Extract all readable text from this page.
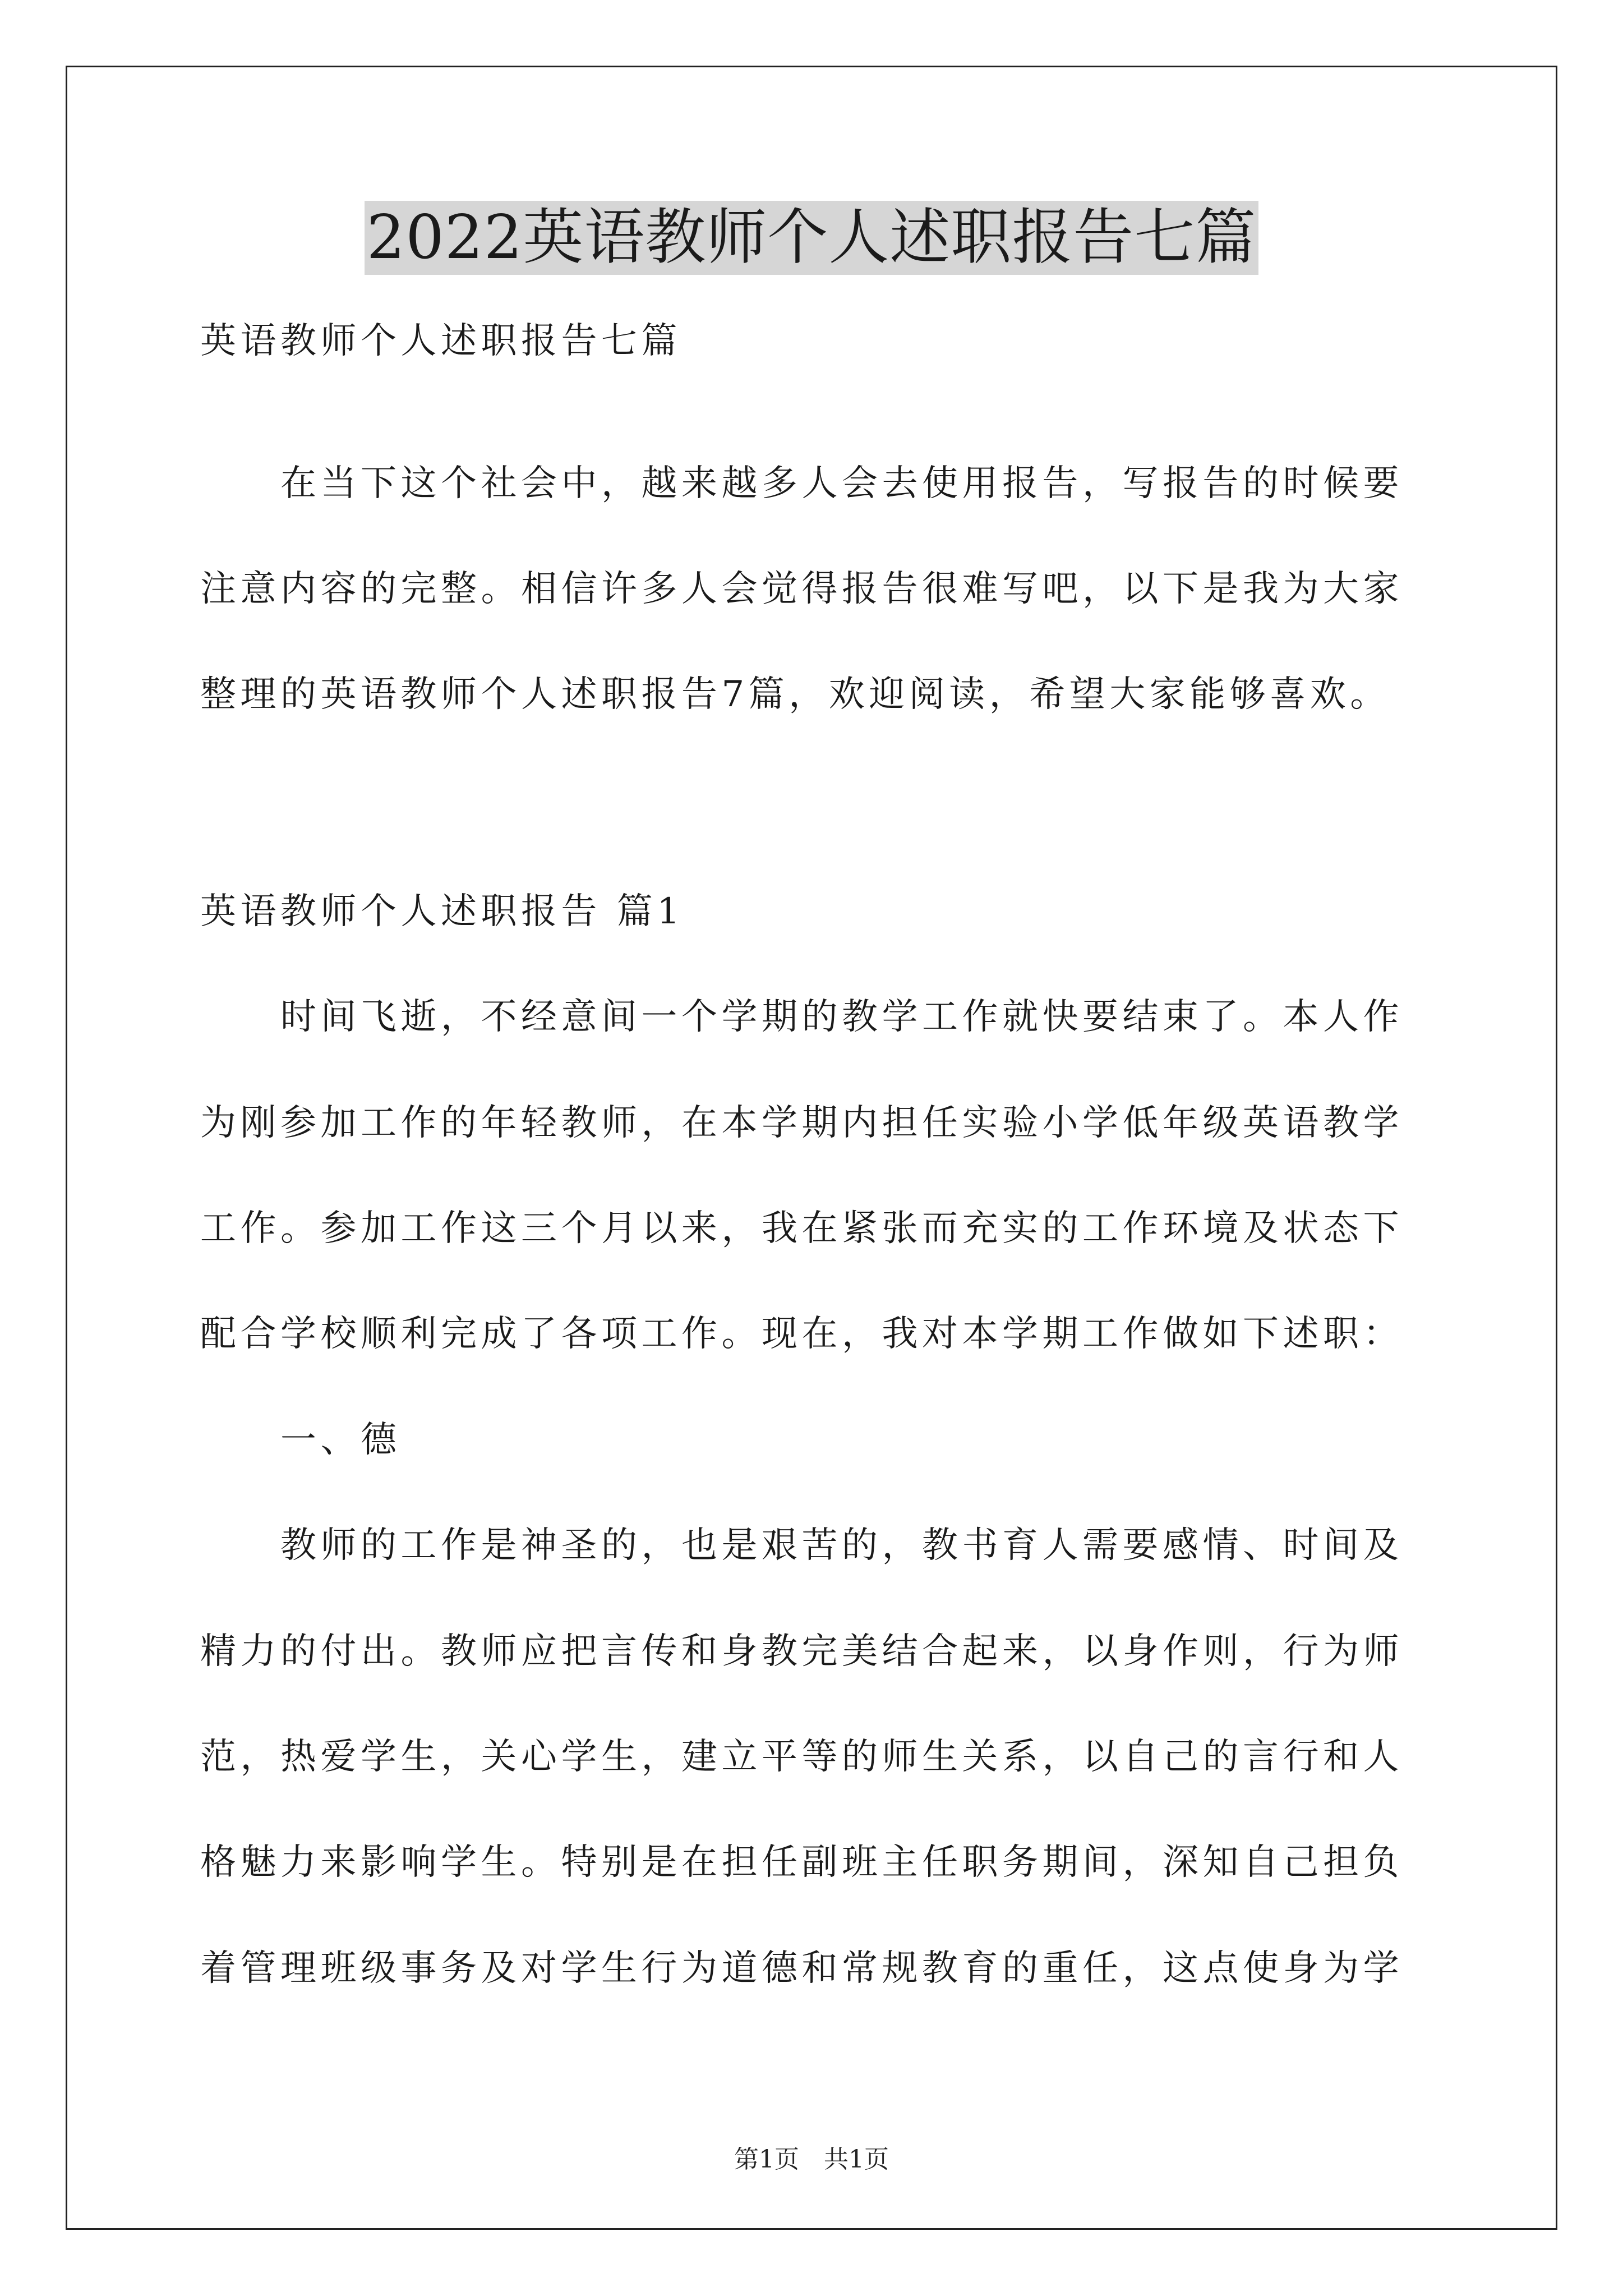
2022英语教师个人述职报告七篇
英语教师个人述职报告七篇
在当下这个社会中，越来越多人会去使用报告，写报告的时候要
注意内容的完整。相信许多人会觉得报告很难写吧，以下是我为大家
整理的英语教师个人述职报告7篇，欢迎阅读，希望大家能够喜欢。
英语教师个人述职报告 篇1
时间飞逝，不经意间一个学期的教学工作就快要结束了。本人作
为刚参加工作的年轻教师，在本学期内担任实验小学低年级英语教学
工作。参加工作这三个月以来，我在紧张而充实的工作环境及状态下
配合学校顺利完成了各项工作。现在，我对本学期工作做如下述职：
一、德
教师的工作是神圣的，也是艰苦的，教书育人需要感情、时间及
精力的付出。教师应把言传和身教完美结合起来，以身作则，行为师
范，热爱学生，关心学生，建立平等的师生关系，以自己的言行和人
格魅力来影响学生。特别是在担任副班主任职务期间，深知自己担负
着管理班级事务及对学生行为道德和常规教育的重任，这点使身为学
第1页　共1页
